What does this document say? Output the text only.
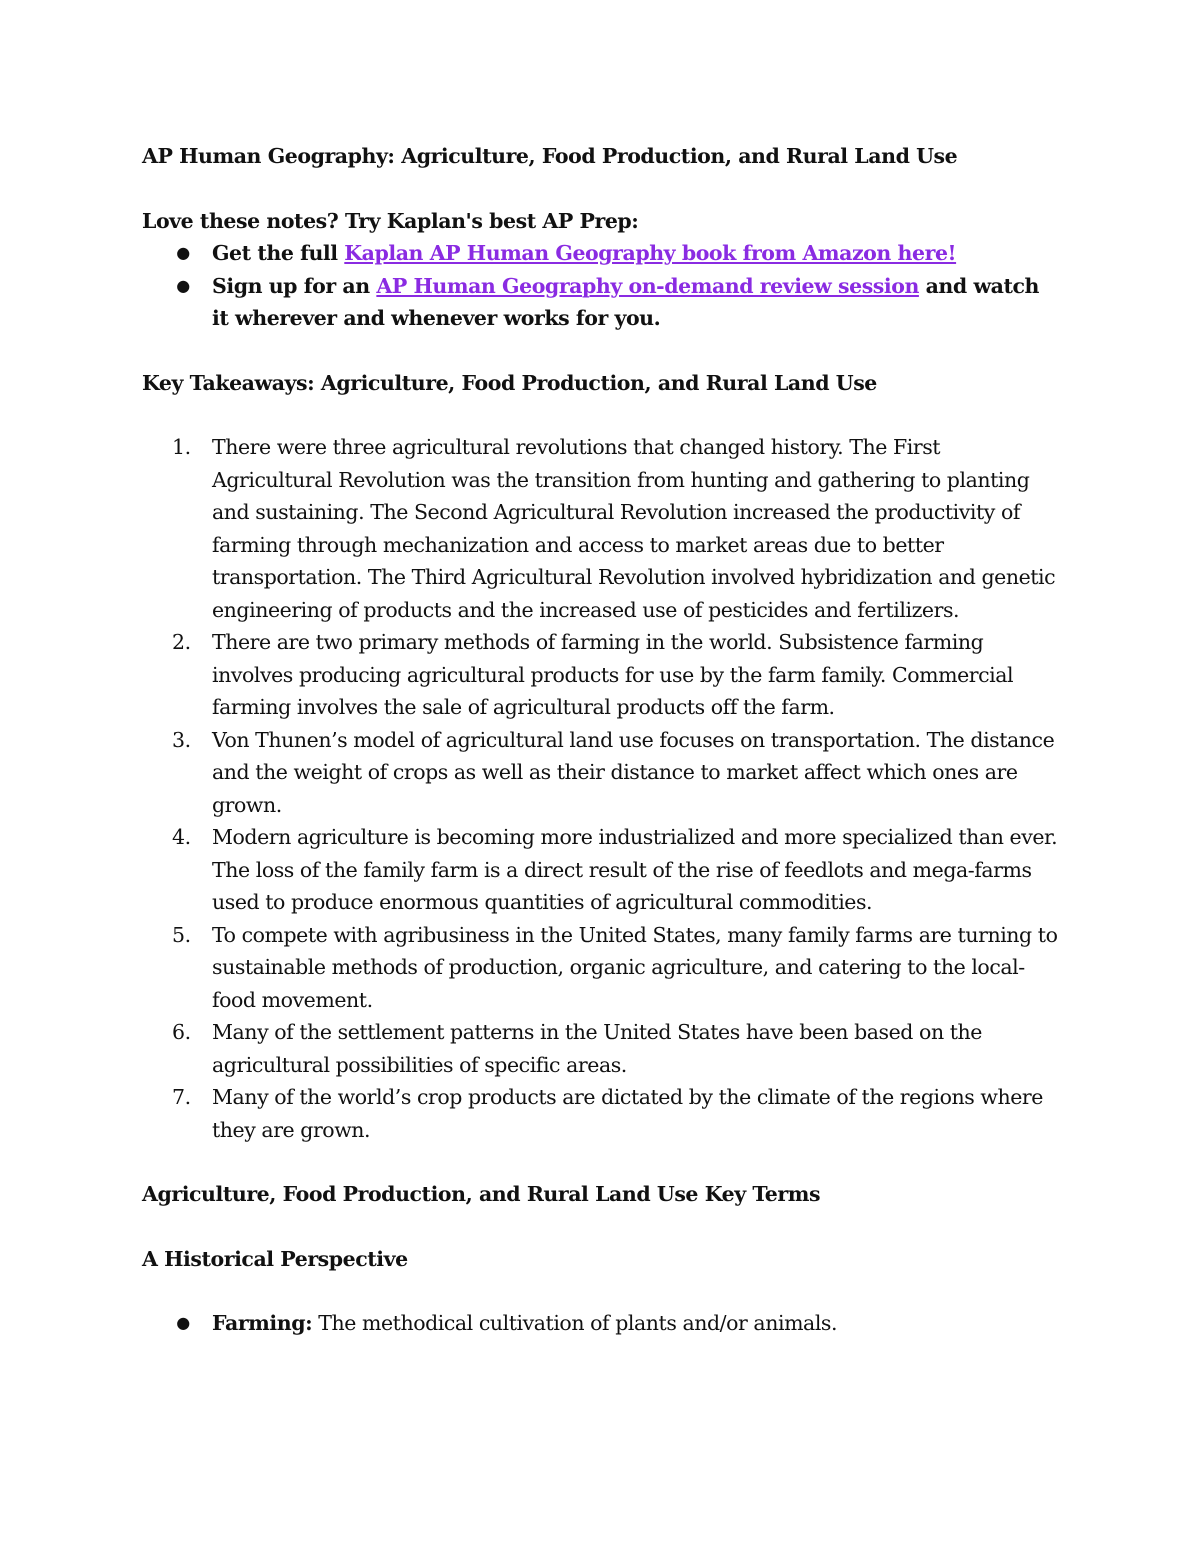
AP Human Geography: Agriculture, Food Production, and Rural Land Use

Love these notes? Try Kaplan's best AP Prep:

● Get the full Kaplan AP Human Geography book from Amazon here!
● Sign up for an AP Human Geography on-demand review session and watch it wherever and whenever works for you.

Key Takeaways: Agriculture, Food Production, and Rural Land Use

1.	There were three agricultural revolutions that changed history. The First Agricultural Revolution was the transition from hunting and gathering to planting and sustaining. The Second Agricultural Revolution increased the productivity of farming through mechanization and access to market areas due to better transportation. The Third Agricultural Revolution involved hybridization and genetic engineering of products and the increased use of pesticides and fertilizers.
2.	There are two primary methods of farming in the world. Subsistence farming involves producing agricultural products for use by the farm family. Commercial farming involves the sale of agricultural products off the farm.
3.	Von Thunen’s model of agricultural land use focuses on transportation. The distance and the weight of crops as well as their distance to market affect which ones are grown.
4.	Modern agriculture is becoming more industrialized and more specialized than ever. The loss of the family farm is a direct result of the rise of feedlots and mega-farms used to produce enormous quantities of agricultural commodities.
5.	To compete with agribusiness in the United States, many family farms are turning to sustainable methods of production, organic agriculture, and catering to the local-food movement.
6.	Many of the settlement patterns in the United States have been based on the agricultural possibilities of specific areas.
7.	Many of the world’s crop products are dictated by the climate of the regions where they are grown.

Agriculture, Food Production, and Rural Land Use Key Terms

A Historical Perspective

● Farming: The methodical cultivation of plants and/or animals.
